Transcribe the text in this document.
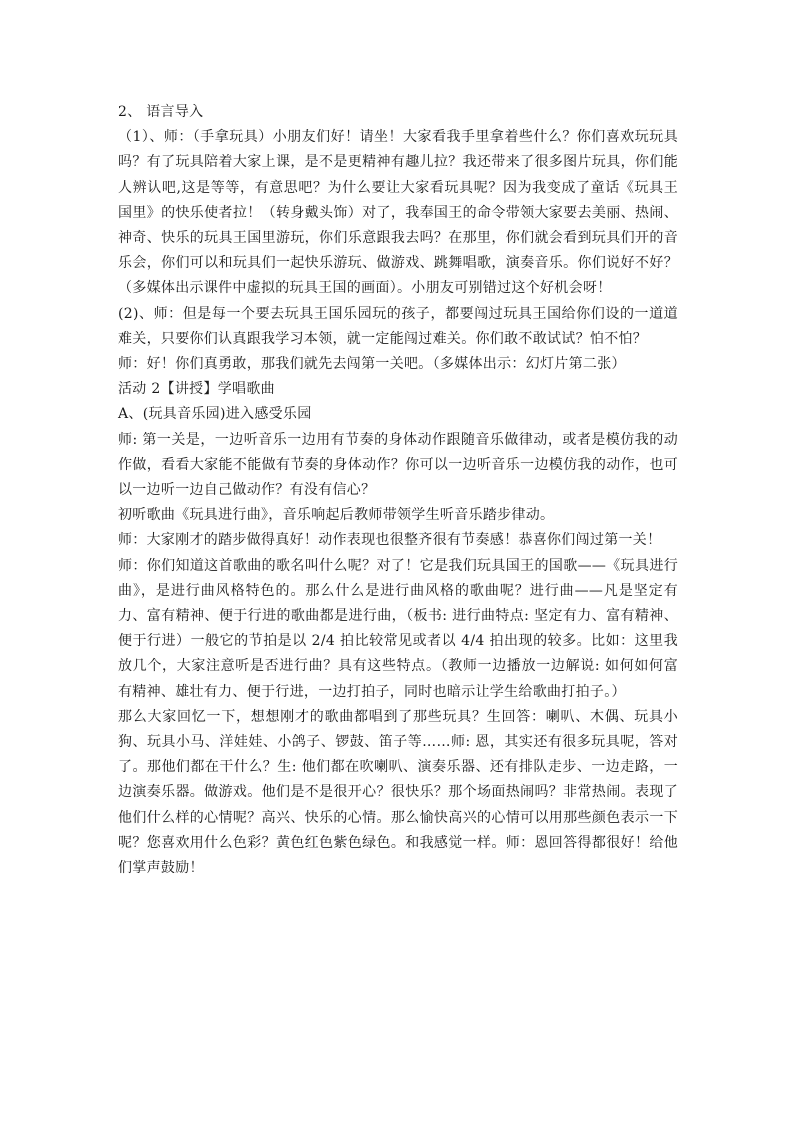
2、 语言导入

（1）、师：（手拿玩具）小朋友们好！请坐！大家看我手里拿着些什么？你们喜欢玩玩具吗？有了玩具陪着大家上课，是不是更精神有趣儿拉？我还带来了很多图片玩具，你们能人辨认吧,这是等等，有意思吧？为什么要让大家看玩具呢？因为我变成了童话《玩具王国里》的快乐使者拉！（转身戴头饰）对了，我奉国王的命令带领大家要去美丽、热闹、神奇、快乐的玩具王国里游玩，你们乐意跟我去吗？在那里，你们就会看到玩具们开的音乐会，你们可以和玩具们一起快乐游玩、做游戏、跳舞唱歌，演奏音乐。你们说好不好？（多媒体出示课件中虚拟的玩具王国的画面）。小朋友可别错过这个好机会呀！

(2)、师：但是每一个要去玩具王国乐园玩的孩子，都要闯过玩具王国给你们设的一道道难关，只要你们认真跟我学习本领，就一定能闯过难关。你们敢不敢试试？怕不怕？

师：好！你们真勇敢，那我们就先去闯第一关吧。（多媒体出示：幻灯片第二张）

活动 2【讲授】学唱歌曲

A、(玩具音乐园)进入感受乐园

师: 第一关是，一边听音乐一边用有节奏的身体动作跟随音乐做律动，或者是模仿我的动作做，看看大家能不能做有节奏的身体动作？你可以一边听音乐一边模仿我的动作，也可以一边听一边自己做动作？有没有信心？

初听歌曲《玩具进行曲》，音乐响起后教师带领学生听音乐踏步律动。

师：大家刚才的踏步做得真好！动作表现也很整齐很有节奏感！恭喜你们闯过第一关！

师：你们知道这首歌曲的歌名叫什么呢？对了！它是我们玩具国王的国歌——《玩具进行曲》，是进行曲风格特色的。那么什么是进行曲风格的歌曲呢？进行曲——凡是坚定有力、富有精神、便于行进的歌曲都是进行曲，（板书: 进行曲特点: 坚定有力、富有精神、便于行进）一般它的节拍是以 2/4 拍比较常见或者以 4/4 拍出现的较多。比如：这里我放几个，大家注意听是否进行曲？具有这些特点。（教师一边播放一边解说: 如何如何富有精神、雄壮有力、便于行进，一边打拍子，同时也暗示让学生给歌曲打拍子。）

那么大家回忆一下，想想刚才的歌曲都唱到了那些玩具？生回答：喇叭、木偶、玩具小狗、玩具小马、洋娃娃、小鸽子、锣鼓、笛子等……师: 恩，其实还有很多玩具呢，答对了。那他们都在干什么？生: 他们都在吹喇叭、演奏乐器、还有排队走步、一边走路，一边演奏乐器。做游戏。他们是不是很开心？很快乐？那个场面热闹吗？非常热闹。表现了他们什么样的心情呢？高兴、快乐的心情。那么愉快高兴的心情可以用那些颜色表示一下呢？您喜欢用什么色彩？黄色红色紫色绿色。和我感觉一样。师：恩回答得都很好！给他们掌声鼓励！
